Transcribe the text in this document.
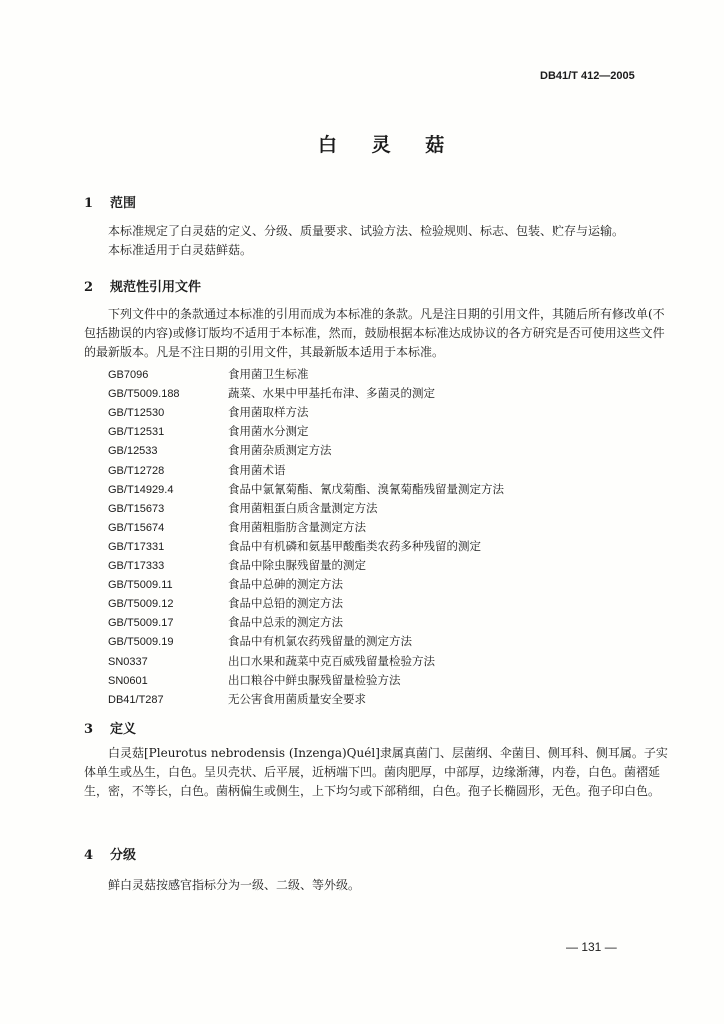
DB41/T 412—2005
白 灵 菇
1 范围
本标准规定了白灵菇的定义、分级、质量要求、试验方法、检验规则、标志、包装、贮存与运输。
本标准适用于白灵菇鲜菇。
2 规范性引用文件
下列文件中的条款通过本标准的引用而成为本标准的条款。凡是注日期的引用文件，其随后所有修改单(不包括勘误的内容)或修订版均不适用于本标准，然而，鼓励根据本标准达成协议的各方研究是否可使用这些文件的最新版本。凡是不注日期的引用文件，其最新版本适用于本标准。
GB7096	食用菌卫生标准
GB/T5009.188	蔬菜、水果中甲基托布津、多菌灵的测定
GB/T12530	食用菌取样方法
GB/T12531	食用菌水分测定
GB/12533	食用菌杂质测定方法
GB/T12728	食用菌术语
GB/T14929.4	食品中氯氰菊酯、氰戊菊酯、溴氰菊酯残留量测定方法
GB/T15673	食用菌粗蛋白质含量测定方法
GB/T15674	食用菌粗脂肪含量测定方法
GB/T17331	食品中有机磷和氨基甲酸酯类农药多种残留的测定
GB/T17333	食品中除虫脲残留量的测定
GB/T5009.11	食品中总砷的测定方法
GB/T5009.12	食品中总铅的测定方法
GB/T5009.17	食品中总汞的测定方法
GB/T5009.19	食品中有机氯农药残留量的测定方法
SN0337	出口水果和蔬菜中克百威残留量检验方法
SN0601	出口粮谷中鲜虫脲残留量检验方法
DB41/T287	无公害食用菌质量安全要求
3 定义
白灵菇[Pleurotus nebrodensis (Inzenga)Quél]隶属真菌门、层菌纲、伞菌目、侧耳科、侧耳属。子实体单生或丛生，白色。呈贝壳状、后平展，近柄端下凹。菌肉肥厚，中部厚，边缘渐薄，内卷，白色。菌褶延生，密，不等长，白色。菌柄偏生或侧生，上下均匀或下部稍细，白色。孢子长椭圆形，无色。孢子印白色。
4 分级
鲜白灵菇按感官指标分为一级、二级、等外级。
— 131 —
